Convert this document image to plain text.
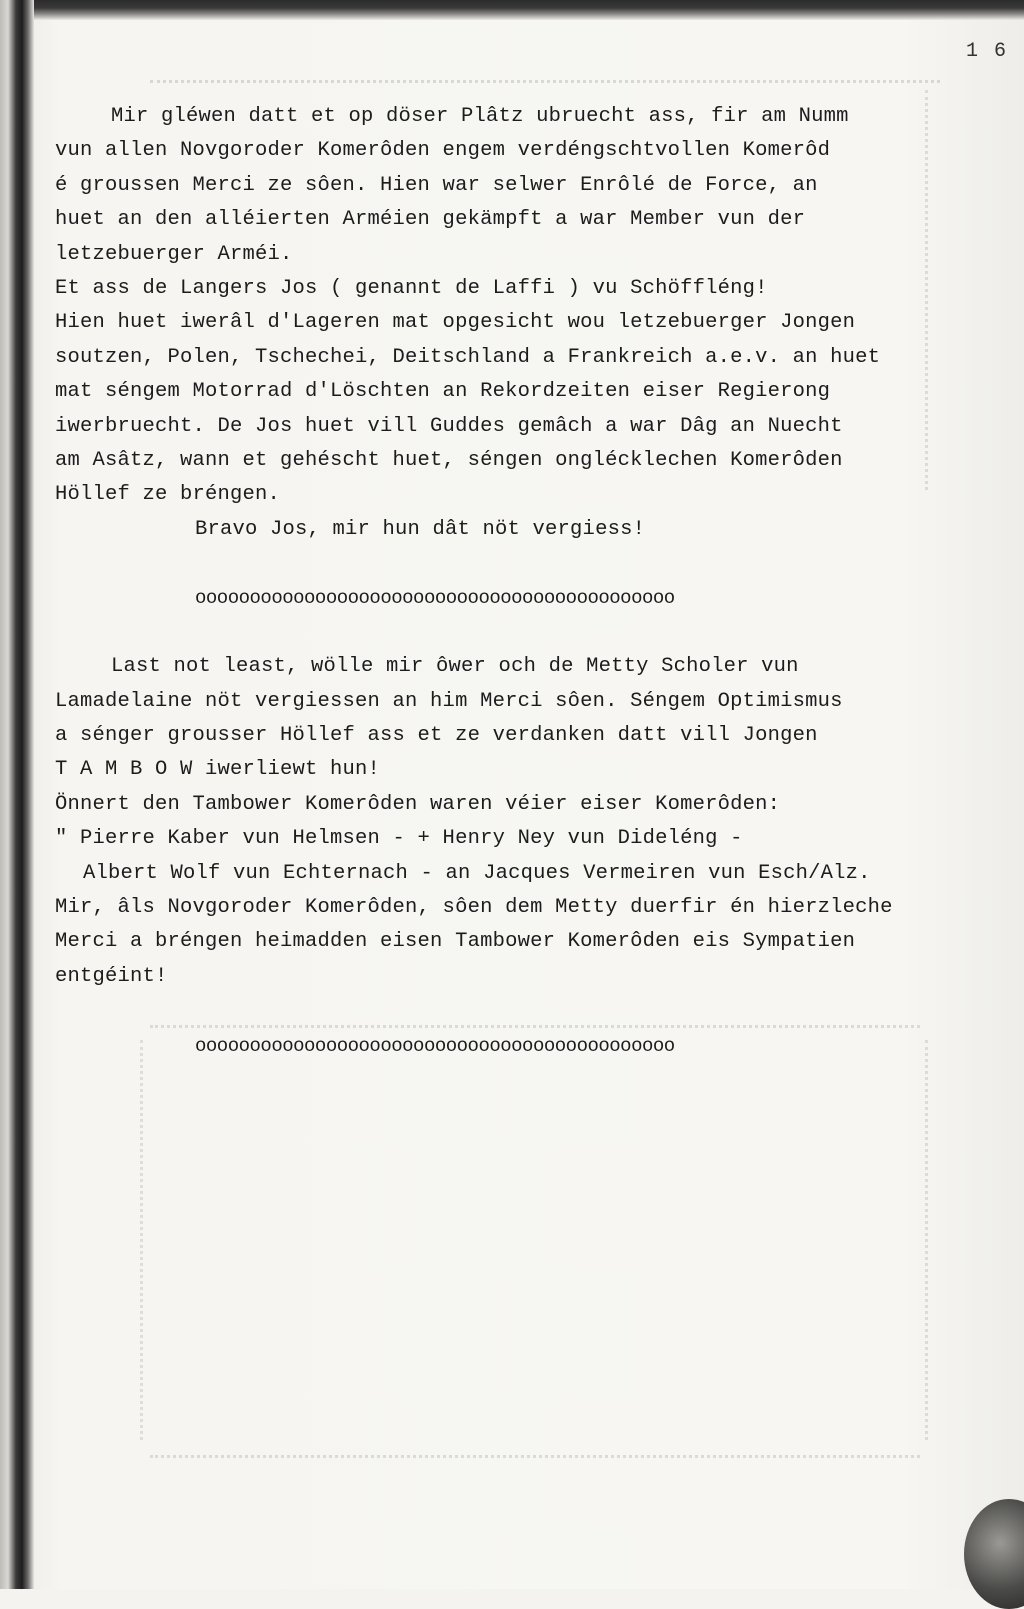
1 6
Mir gléwen datt et op döser Plâtz ubruecht ass, fir am Numm
vun allen Novgoroder Komerôden engem verdéngschtvollen Komerôd
é groussen Merci ze sôen. Hien war selwer Enrôlé de Force, an
huet an den alléierten Arméien gekämpft a war Member vun der
letzebuerger Arméi.
Et ass de Langers Jos ( genannt de Laffi ) vu Schöffléng!
Hien huet iwerâl d'Lageren mat opgesicht wou letzebuerger Jongen
soutzen, Polen, Tschechei, Deitschland a Frankreich a.e.v. an huet
mat séngem Motorrad d'Löschten an Rekordzeiten eiser Regierong
iwerbruecht. De Jos huet vill Guddes gemâch a war Dâg an Nuecht
am Asâtz, wann et gehéscht huet, séngen onglécklechen Komerôden
Höllef ze bréngen.
Bravo Jos, mir hun dât nöt vergiess!
oooooooooooooooooooooooooooooooooooooooooooo
Last not least, wölle mir ôwer och de Metty Scholer vun
Lamadelaine nöt vergiessen an him Merci sôen. Séngem Optimismus
a sénger grousser Höllef ass et ze verdanken datt vill Jongen
T A M B O W iwerliewt hun!
Önnert den Tambower Komerôden waren véier eiser Komerôden:
" Pierre Kaber vun Helmsen - + Henry Ney vun Dideléng -
Albert Wolf vun Echternach - an Jacques Vermeiren vun Esch/Alz.
Mir, âls Novgoroder Komerôden, sôen dem Metty duerfir én hierzleche
Merci a bréngen heimadden eisen Tambower Komerôden eis Sympatien
entgéint!
oooooooooooooooooooooooooooooooooooooooooooo
